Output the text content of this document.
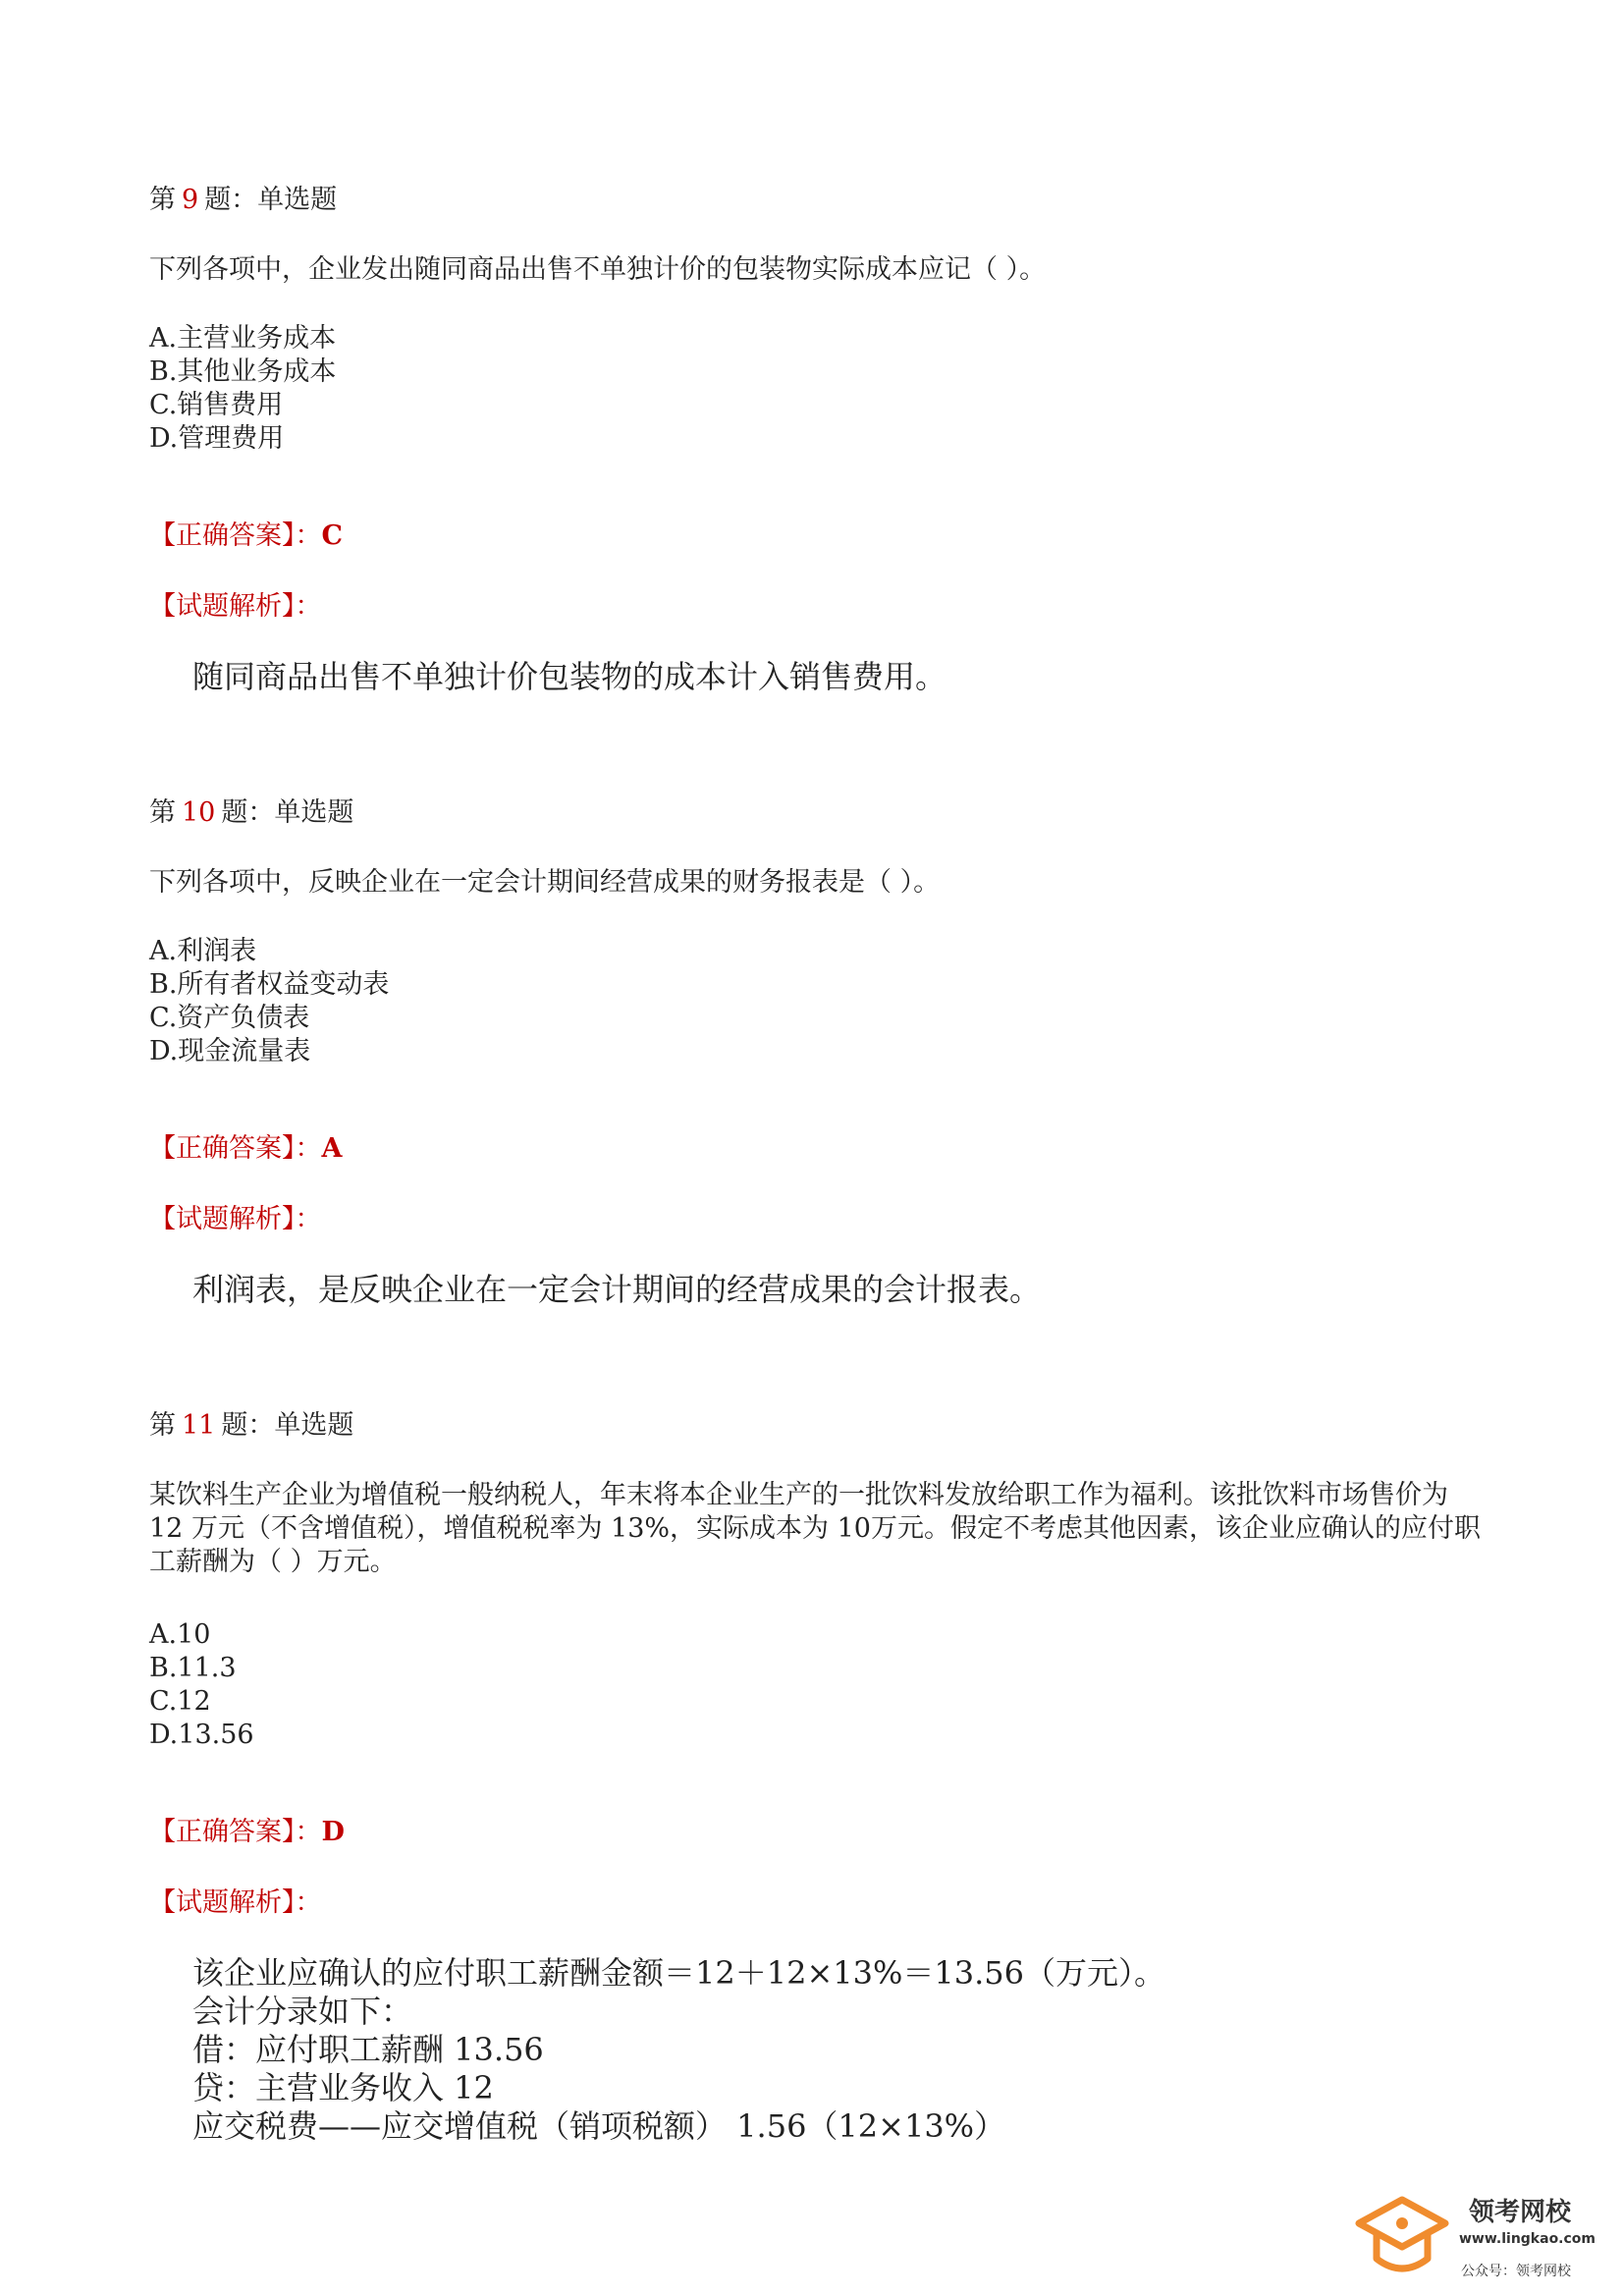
第 9 题：单选题

下列各项中，企业发出随同商品出售不单独计价的包装物实际成本应记（ ）。

A.主营业务成本
B.其他业务成本
C.销售费用
D.管理费用

【正确答案】：C

【试题解析】：

随同商品出售不单独计价包装物的成本计入销售费用。

第 10 题：单选题

下列各项中，反映企业在一定会计期间经营成果的财务报表是（ ）。

A.利润表
B.所有者权益变动表
C.资产负债表
D.现金流量表

【正确答案】：A

【试题解析】：

利润表，是反映企业在一定会计期间的经营成果的会计报表。

第 11 题：单选题

某饮料生产企业为增值税一般纳税人，年末将本企业生产的一批饮料发放给职工作为福利。该批饮料市场售价为 12 万元（不含增值税），增值税税率为 13%，实际成本为 10万元。假定不考虑其他因素，该企业应确认的应付职工薪酬为（ ）万元。

A.10
B.11.3
C.12
D.13.56

【正确答案】：D

【试题解析】：

该企业应确认的应付职工薪酬金额＝12＋12×13%＝13.56（万元）。
会计分录如下：
借：应付职工薪酬 13.56
贷：主营业务收入 12
应交税费——应交增值税（销项税额） 1.56（12×13%）
领考网校
www.lingkao.com
公众号：领考网校
